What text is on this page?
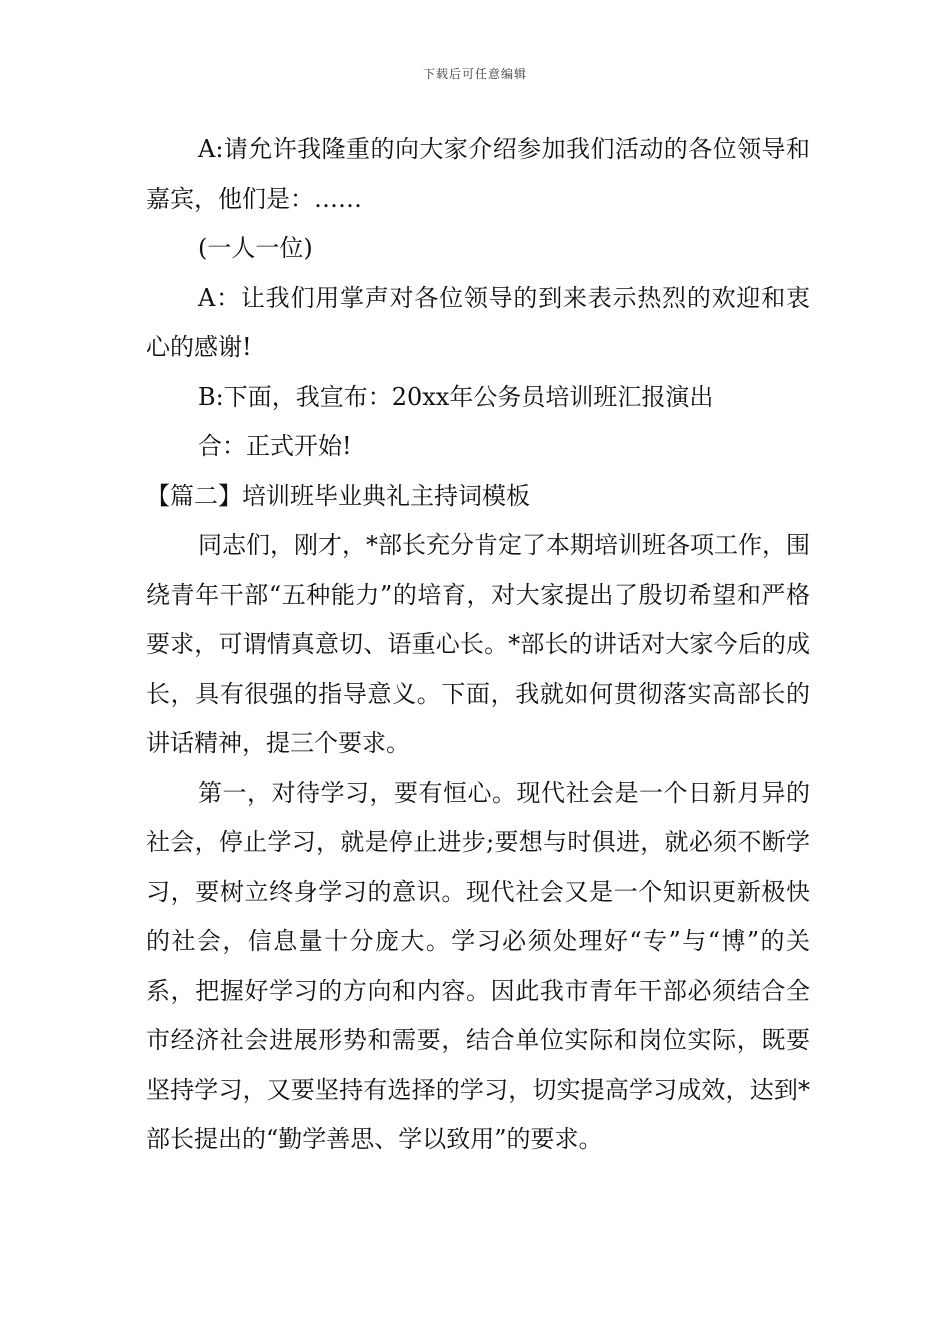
下载后可任意编辑

A:请允许我隆重的向大家介绍参加我们活动的各位领导和嘉宾，他们是：……

(一人一位)

A：让我们用掌声对各位领导的到来表示热烈的欢迎和衷心的感谢!

B:下面，我宣布：20xx年公务员培训班汇报演出

合：正式开始!

【篇二】培训班毕业典礼主持词模板

同志们，刚才，*部长充分肯定了本期培训班各项工作，围绕青年干部“五种能力”的培育，对大家提出了殷切希望和严格要求，可谓情真意切、语重心长。*部长的讲话对大家今后的成长，具有很强的指导意义。下面，我就如何贯彻落实高部长的讲话精神，提三个要求。

第一，对待学习，要有恒心。现代社会是一个日新月异的社会，停止学习，就是停止进步;要想与时俱进，就必须不断学习，要树立终身学习的意识。现代社会又是一个知识更新极快的社会，信息量十分庞大。学习必须处理好“专”与“博”的关系，把握好学习的方向和内容。因此我市青年干部必须结合全市经济社会进展形势和需要，结合单位实际和岗位实际，既要坚持学习，又要坚持有选择的学习，切实提高学习成效，达到*部长提出的“勤学善思、学以致用”的要求。
